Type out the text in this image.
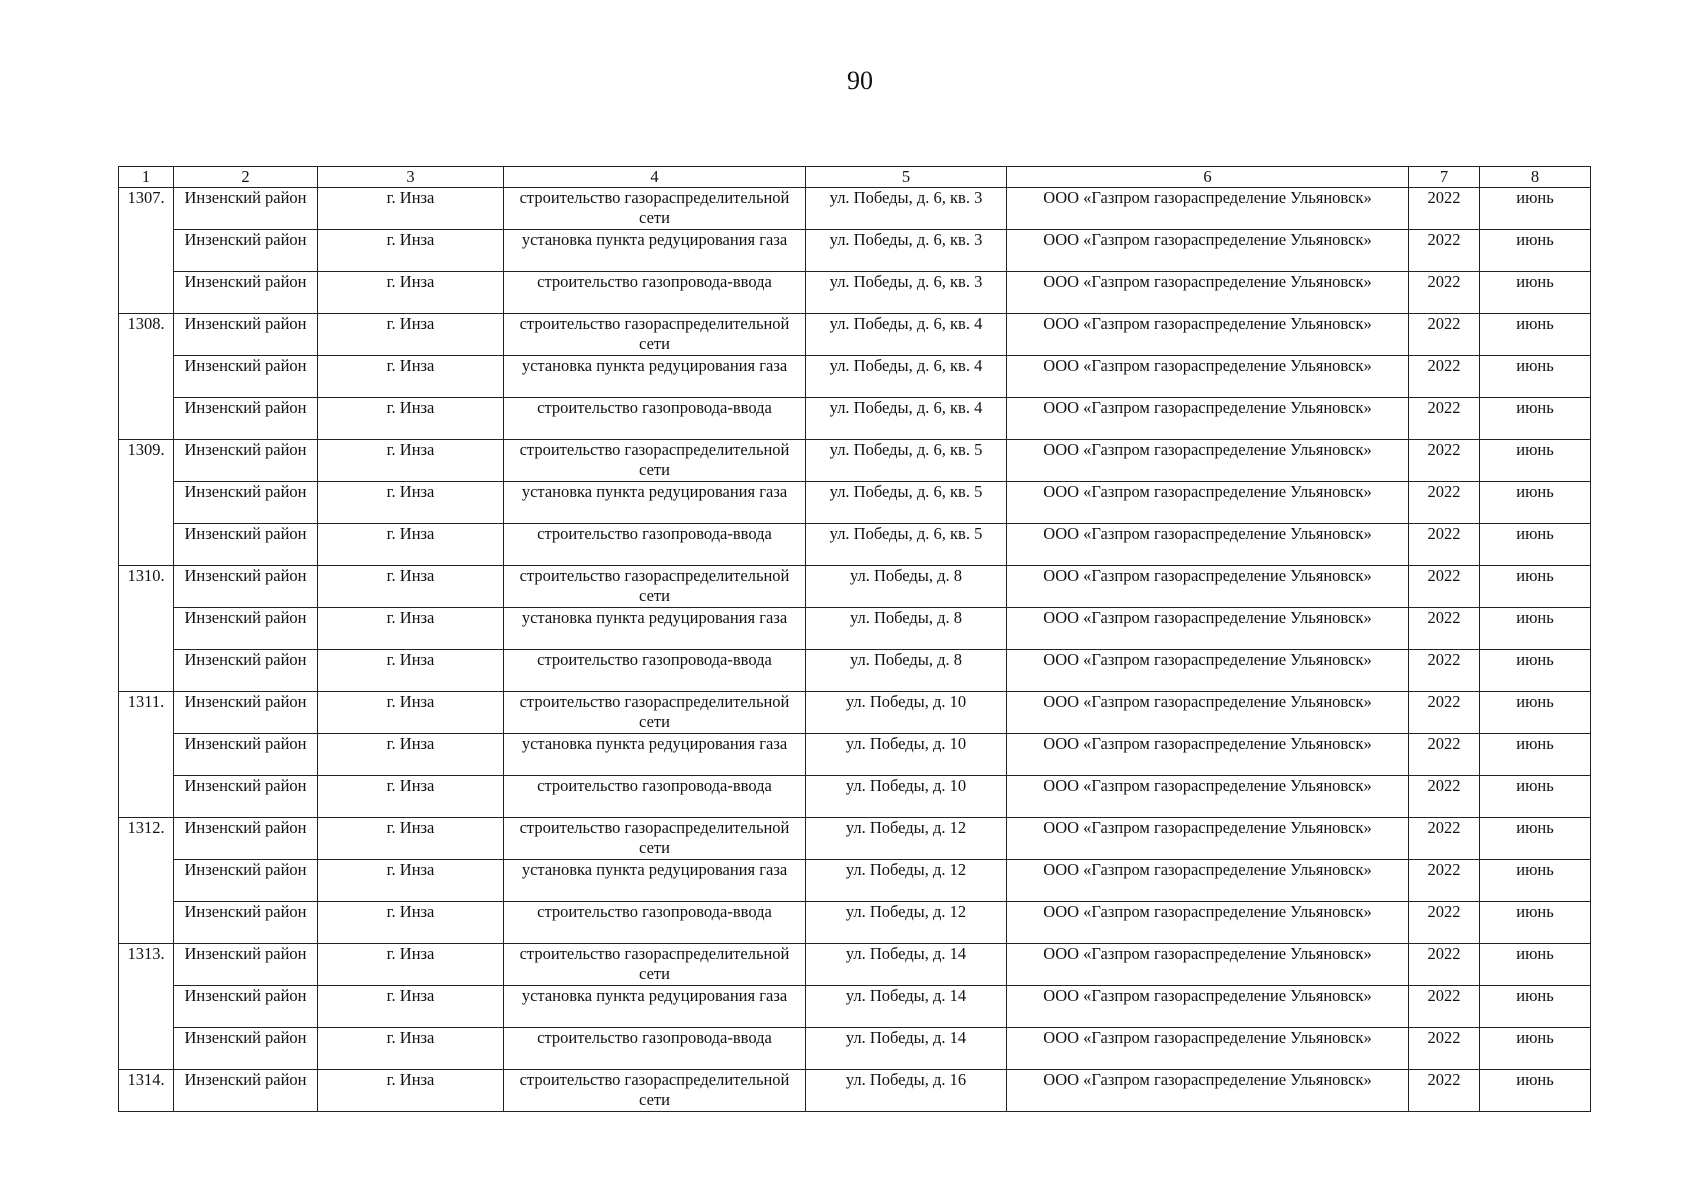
90
1	2	3	4	5	6	7	8
1307.	Инзенский район	г. Инза	строительство газораспределительной сети	ул. Победы, д. 6, кв. 3	ООО «Газпром газораспределение Ульяновск»	2022	июнь
	Инзенский район	г. Инза	установка пункта редуцирования газа	ул. Победы, д. 6, кв. 3	ООО «Газпром газораспределение Ульяновск»	2022	июнь
	Инзенский район	г. Инза	строительство газопровода-ввода	ул. Победы, д. 6, кв. 3	ООО «Газпром газораспределение Ульяновск»	2022	июнь
1308.	Инзенский район	г. Инза	строительство газораспределительной сети	ул. Победы, д. 6, кв. 4	ООО «Газпром газораспределение Ульяновск»	2022	июнь
	Инзенский район	г. Инза	установка пункта редуцирования газа	ул. Победы, д. 6, кв. 4	ООО «Газпром газораспределение Ульяновск»	2022	июнь
	Инзенский район	г. Инза	строительство газопровода-ввода	ул. Победы, д. 6, кв. 4	ООО «Газпром газораспределение Ульяновск»	2022	июнь
1309.	Инзенский район	г. Инза	строительство газораспределительной сети	ул. Победы, д. 6, кв. 5	ООО «Газпром газораспределение Ульяновск»	2022	июнь
	Инзенский район	г. Инза	установка пункта редуцирования газа	ул. Победы, д. 6, кв. 5	ООО «Газпром газораспределение Ульяновск»	2022	июнь
	Инзенский район	г. Инза	строительство газопровода-ввода	ул. Победы, д. 6, кв. 5	ООО «Газпром газораспределение Ульяновск»	2022	июнь
1310.	Инзенский район	г. Инза	строительство газораспределительной сети	ул. Победы, д. 8	ООО «Газпром газораспределение Ульяновск»	2022	июнь
	Инзенский район	г. Инза	установка пункта редуцирования газа	ул. Победы, д. 8	ООО «Газпром газораспределение Ульяновск»	2022	июнь
	Инзенский район	г. Инза	строительство газопровода-ввода	ул. Победы, д. 8	ООО «Газпром газораспределение Ульяновск»	2022	июнь
1311.	Инзенский район	г. Инза	строительство газораспределительной сети	ул. Победы, д. 10	ООО «Газпром газораспределение Ульяновск»	2022	июнь
	Инзенский район	г. Инза	установка пункта редуцирования газа	ул. Победы, д. 10	ООО «Газпром газораспределение Ульяновск»	2022	июнь
	Инзенский район	г. Инза	строительство газопровода-ввода	ул. Победы, д. 10	ООО «Газпром газораспределение Ульяновск»	2022	июнь
1312.	Инзенский район	г. Инза	строительство газораспределительной сети	ул. Победы, д. 12	ООО «Газпром газораспределение Ульяновск»	2022	июнь
	Инзенский район	г. Инза	установка пункта редуцирования газа	ул. Победы, д. 12	ООО «Газпром газораспределение Ульяновск»	2022	июнь
	Инзенский район	г. Инза	строительство газопровода-ввода	ул. Победы, д. 12	ООО «Газпром газораспределение Ульяновск»	2022	июнь
1313.	Инзенский район	г. Инза	строительство газораспределительной сети	ул. Победы, д. 14	ООО «Газпром газораспределение Ульяновск»	2022	июнь
	Инзенский район	г. Инза	установка пункта редуцирования газа	ул. Победы, д. 14	ООО «Газпром газораспределение Ульяновск»	2022	июнь
	Инзенский район	г. Инза	строительство газопровода-ввода	ул. Победы, д. 14	ООО «Газпром газораспределение Ульяновск»	2022	июнь
1314.	Инзенский район	г. Инза	строительство газораспределительной сети	ул. Победы, д. 16	ООО «Газпром газораспределение Ульяновск»	2022	июнь
